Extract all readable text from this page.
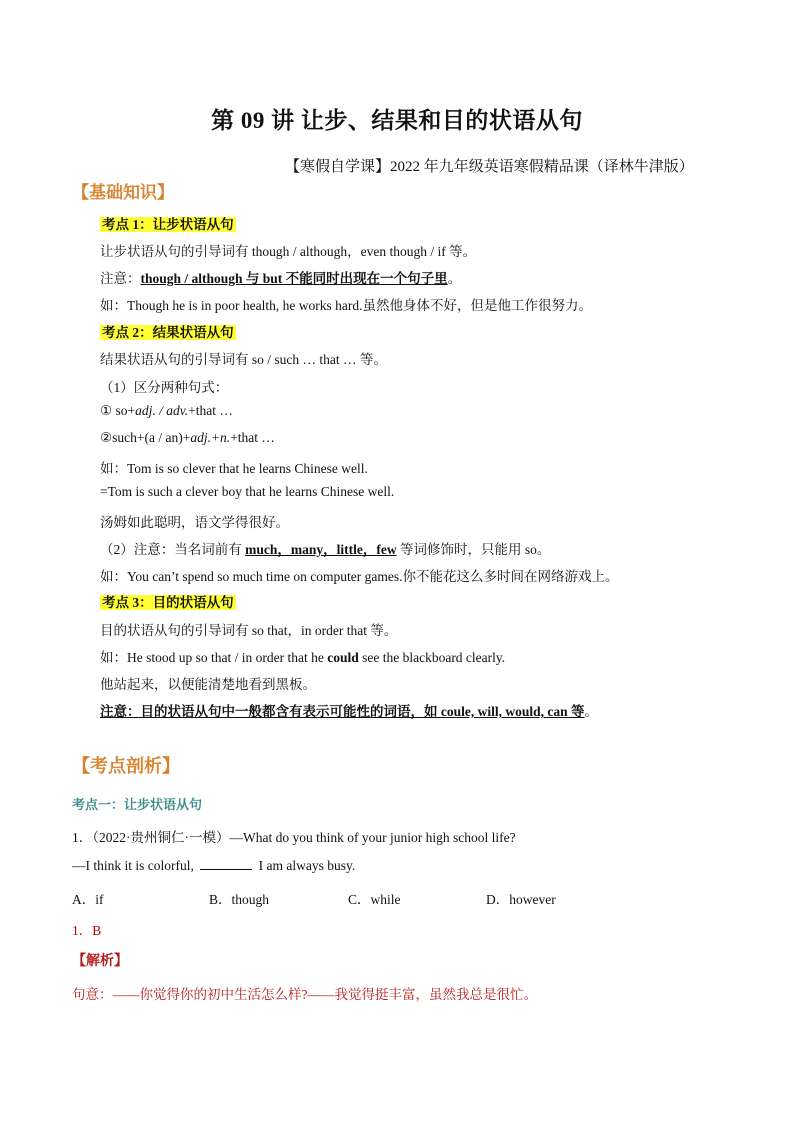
第 09 讲 让步、结果和目的状语从句
【寒假自学课】2022 年九年级英语寒假精品课（译林牛津版）
【基础知识】
考点 1：让步状语从句
让步状语从句的引导词有 though / although，even though / if 等。
注意：though / although 与 but 不能同时出现在一个句子里。
如：Though he is in poor health, he works hard.虽然他身体不好，但是他工作很努力。
考点 2：结果状语从句
结果状语从句的引导词有 so / such … that … 等。
（1）区分两种句式：
① so+adj. / adv.+that …
②such+(a / an)+adj.+n.+that …
如：Tom is so clever that he learns Chinese well.
=Tom is such a clever boy that he learns Chinese well.
汤姆如此聪明，语文学得很好。
（2）注意：当名词前有 much，many，little，few 等词修饰时，只能用 so。
如：You can’t spend so much time on computer games.你不能花这么多时间在网络游戏上。
考点 3：目的状语从句
目的状语从句的引导词有 so that，in order that 等。
如：He stood up so that / in order that he could see the blackboard clearly.
他站起来，以便能清楚地看到黑板。
注意：目的状语从句中一般都含有表示可能性的词语，如 coule, will, would, can 等。
【考点剖析】
考点一：让步状语从句
1．（2022·贵州铜仁·一模）—What do you think of your junior high school life?
—I think it is colorful,	I am always busy.
A．if	B．though	C．while	D．however
1．B
【解析】
句意：——你觉得你的初中生活怎么样?——我觉得挺丰富，虽然我总是很忙。
